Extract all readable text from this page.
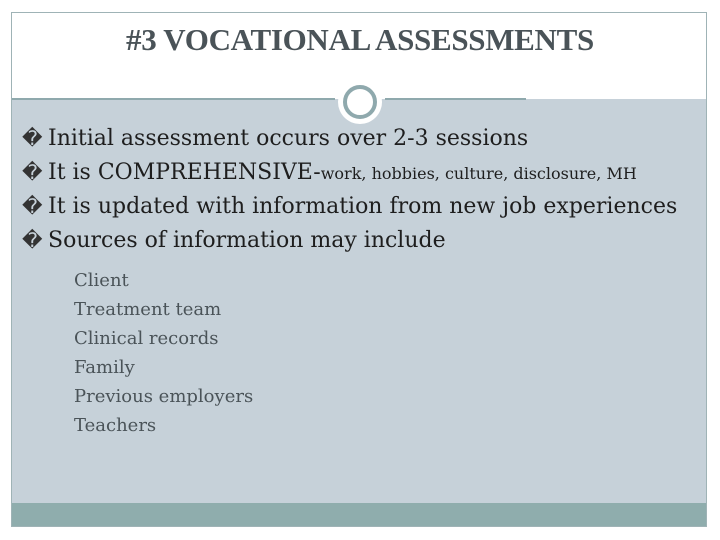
#3 VOCATIONAL ASSESSMENTS
� Initial assessment occurs over 2-3 sessions
� It is COMPREHENSIVE-work, hobbies, culture, disclosure, MH
� It is updated with information from new job experiences
� Sources of information may include
Client
Treatment team
Clinical records
Family
Previous employers
Teachers
